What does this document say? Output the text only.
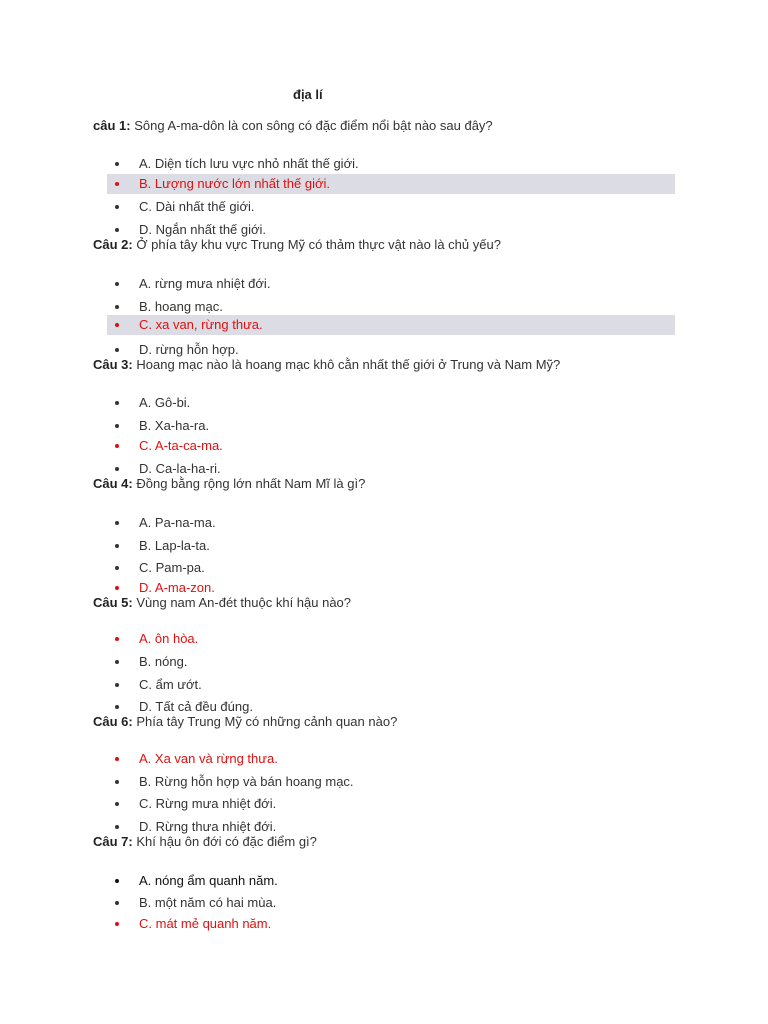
địa lí
câu 1: Sông A-ma-dôn là con sông có đặc điểm nổi bật nào sau đây?
A. Diện tích lưu vực nhỏ nhất thế giới.
B. Lượng nước lớn nhất thế giới.
C. Dài nhất thế giới.
D. Ngắn nhất thế giới.
Câu 2: Ở phía tây khu vực Trung Mỹ có thảm thực vật nào là chủ yếu?
A. rừng mưa nhiệt đới.
B. hoang mạc.
C. xa van, rừng thưa.
D. rừng hỗn hợp.
Câu 3: Hoang mạc nào là hoang mạc khô cằn nhất thế giới ở Trung và Nam Mỹ?
A. Gô-bi.
B. Xa-ha-ra.
C. A-ta-ca-ma.
D. Ca-la-ha-ri.
Câu 4: Đồng bằng rộng lớn nhất Nam Mĩ là gì?
A. Pa-na-ma.
B. Lap-la-ta.
C. Pam-pa.
D. A-ma-zon.
Câu 5: Vùng nam An-đét thuộc khí hậu nào?
A. ôn hòa.
B. nóng.
C. ẩm ướt.
D. Tất cả đều đúng.
Câu 6: Phía tây Trung Mỹ có những cảnh quan nào?
A. Xa van và rừng thưa.
B. Rừng hỗn hợp và bán hoang mạc.
C. Rừng mưa nhiệt đới.
D. Rừng thưa nhiệt đới.
Câu 7: Khí hậu ôn đới có đặc điểm gì?
A. nóng ẩm quanh năm.
B. một năm có hai mùa.
C. mát mẻ quanh năm.
